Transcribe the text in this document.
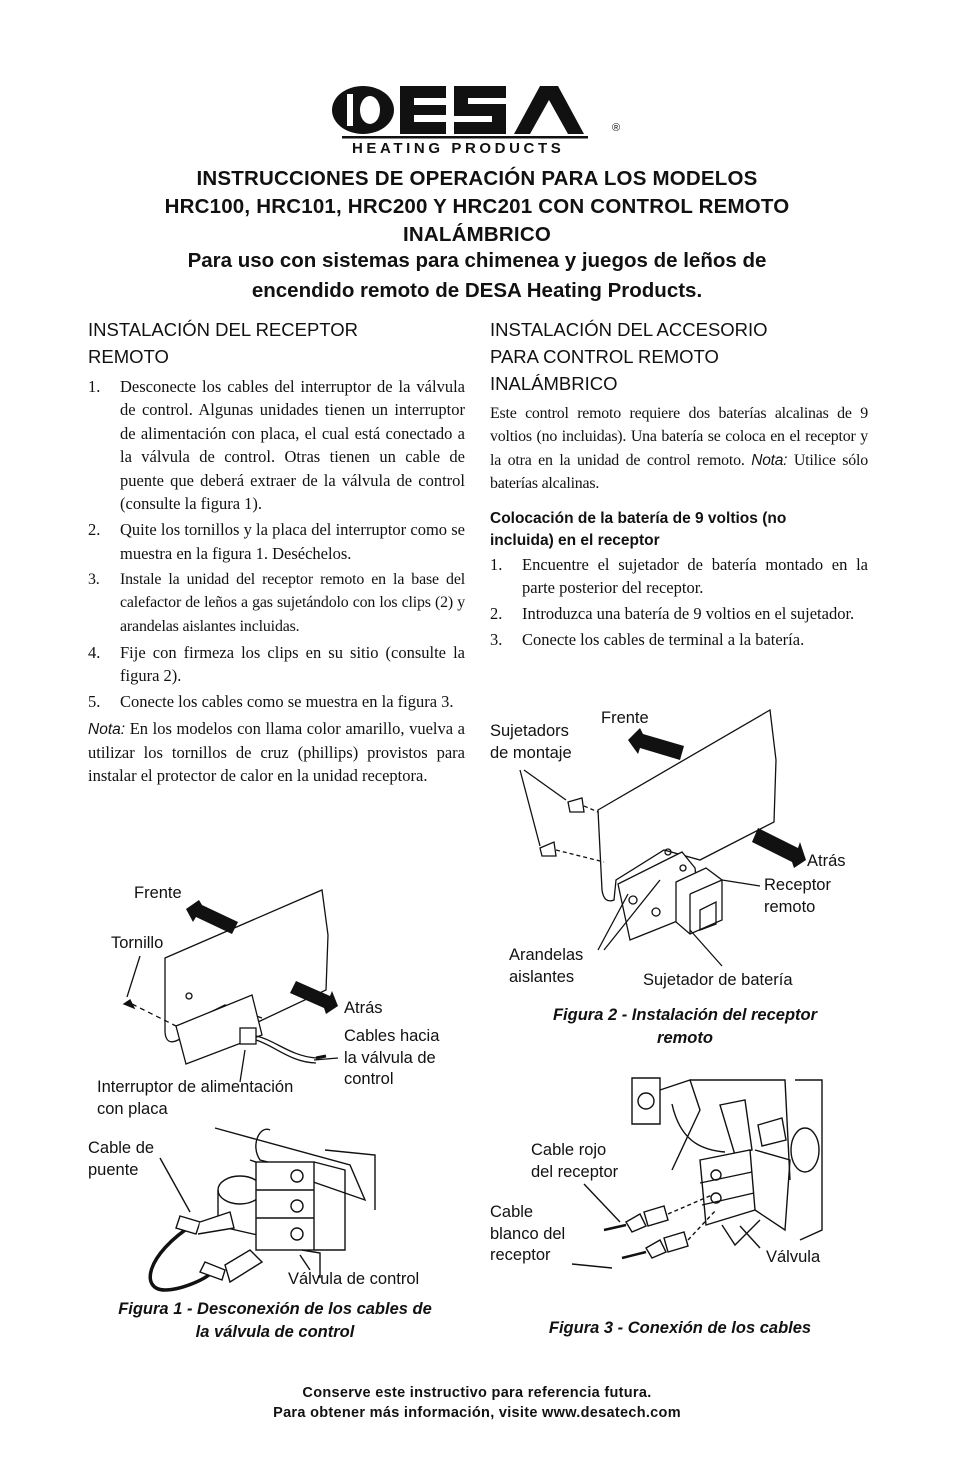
®
HEATING PRODUCTS
INSTRUCCIONES DE OPERACIÓN PARA LOS MODELOS
HRC100, HRC101, HRC200 Y HRC201 CON CONTROL REMOTO
INALÁMBRICO
Para uso con sistemas para chimenea y juegos de leños de
encendido remoto de DESA Heating Products.
INSTALACIÓN DEL RECEPTOR
REMOTO
1. Desconecte los cables del interruptor de la válvula de control. Algunas unidades tienen un interruptor de alimentación con placa, el cual está conectado a la válvula de control. Otras tienen un cable de puente que deberá extraer de la válvula de control (consulte la figura 1).
2. Quite los tornillos y la placa del interruptor como se muestra en la figura 1. Deséchelos.
3. Instale la unidad del receptor remoto en la base del calefactor de leños a gas sujetándolo con los clips (2) y arandelas aislantes incluidas.
4. Fije con firmeza los clips en su sitio (consulte la figura 2).
5. Conecte los cables como se muestra en la figura 3.
Nota: En los modelos con llama color amarillo, vuelva a utilizar los tornillos de cruz (phillips) provistos para instalar el protector de calor en la unidad receptora.
INSTALACIÓN DEL ACCESORIO
PARA CONTROL REMOTO
INALÁMBRICO
Este control remoto requiere dos baterías alcalinas de 9 voltios (no incluidas). Una batería se coloca en el receptor y la otra en la unidad de control remoto. Nota: Utilice sólo baterías alcalinas.
Colocación de la batería de 9 voltios (no
incluida) en el receptor
1. Encuentre el sujetador de batería montado en la parte posterior del receptor.
2. Introduzca una batería de 9 voltios en el sujetador.
3. Conecte los cables de terminal a la batería.
Frente
Tornillo
Atrás
Cables hacia
la válvula de
control
Interruptor de alimentación
con placa
Cable de
puente
Válvula de control
Figura 1 - Desconexión de los cables de
la válvula de control
Sujetadors
de montaje
Frente
Atrás
Receptor
remoto
Arandelas
aislantes	Sujetador de batería
Figura 2 - Instalación del receptor
remoto
Cable rojo
del receptor
Cable
blanco del
receptor	Válvula
Figura 3 - Conexión de los cables
Conserve este instructivo para referencia futura.
Para obtener más información, visite www.desatech.com
